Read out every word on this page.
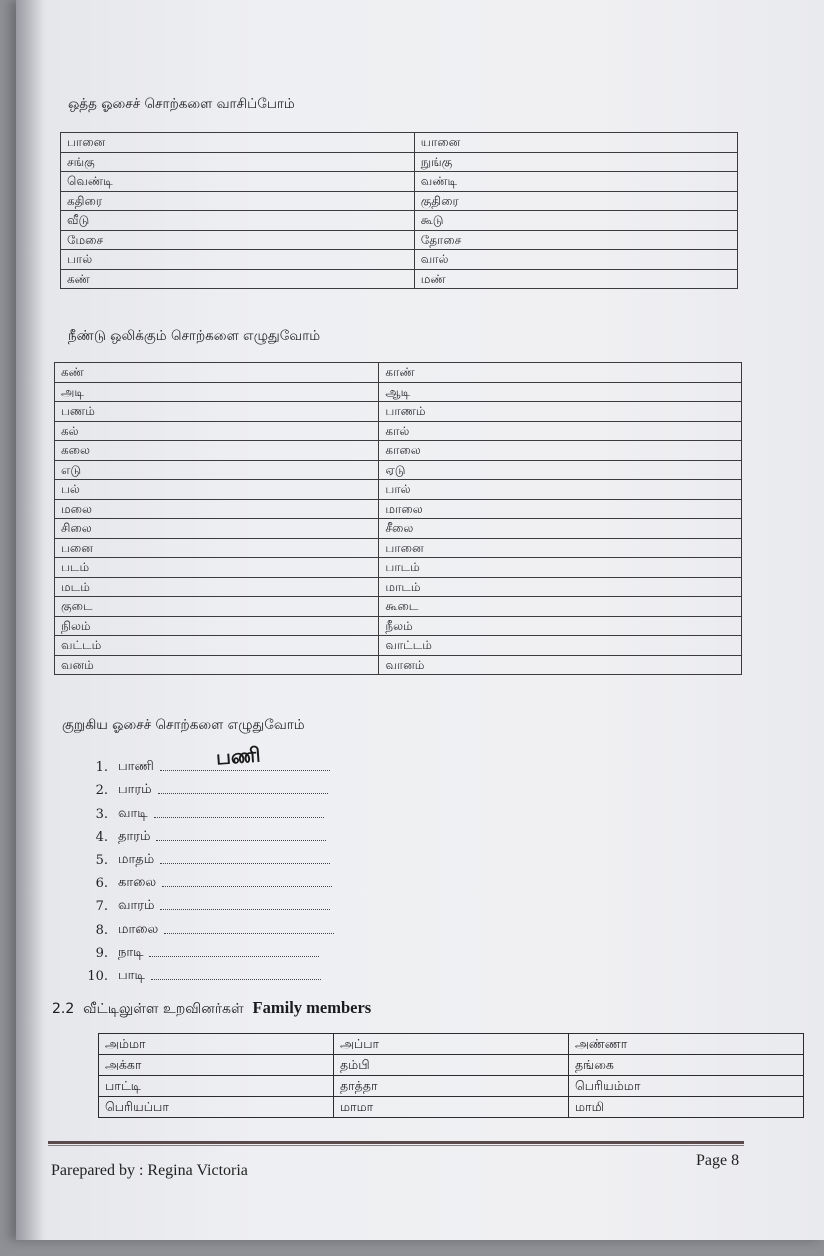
ஒத்த ஓசைச் சொற்களை வாசிப்போம்
பானை	யானை
சங்கு	நுங்கு
வெண்டி	வண்டி
கதிரை	குதிரை
வீடு	கூடு
மேசை	தோசை
பால்	வால்
கண்	மண்
நீண்டு ஒலிக்கும் சொற்களை எழுதுவோம்
கண்	காண்
அடி	ஆடி
பணம்	பாணம்
கல்	கால்
கலை	காலை
எடு	ஏடு
பல்	பால்
மலை	மாலை
சிலை	சீலை
பனை	பானை
படம்	பாடம்
மடம்	மாடம்
குடை	கூடை
நிலம்	நீலம்
வட்டம்	வாட்டம்
வனம்	வானம்
குறுகிய ஓசைச் சொற்களை எழுதுவோம்
1. பாணி
2. பாரம்
3. வாடி
4. தாரம்
5. மாதம்
6. காலை
7. வாரம்
8. மாலை
9. நாடி
10. பாடி
பணி
2.2 வீட்டிலுள்ள உறவினர்கள் Family members
அம்மா	அப்பா	அண்ணா
அக்கா	தம்பி	தங்கை
பாட்டி	தாத்தா	பெரியம்மா
பெரியப்பா	மாமா	மாமி
Parepared by : Regina Victoria
Page 8
